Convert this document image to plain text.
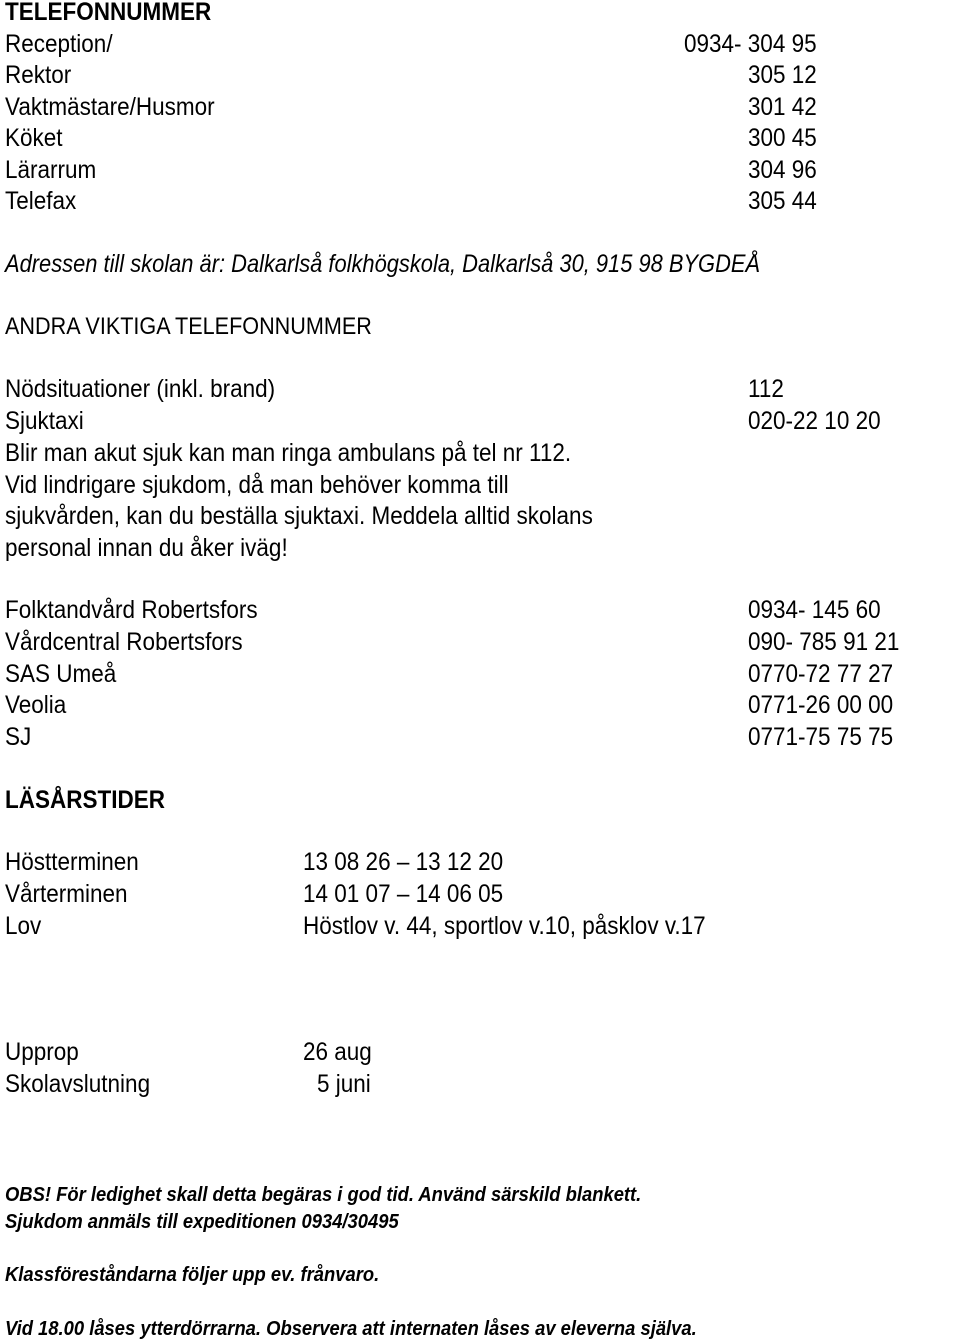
TELEFONNUMMER
Reception/	0934- 304 95
Rektor	305 12
Vaktmästare/Husmor	301 42
Köket	300 45
Lärarrum	304 96
Telefax	305 44
Adressen till skolan är: Dalkarlså folkhögskola, Dalkarlså 30, 915 98 BYGDEÅ
ANDRA VIKTIGA TELEFONNUMMER
Nödsituationer (inkl. brand)	112
Sjuktaxi	020-22 10 20
Blir man akut sjuk kan man ringa ambulans på tel nr 112.
Vid lindrigare sjukdom, då man behöver komma till
sjukvården, kan du beställa sjuktaxi. Meddela alltid skolans
personal innan du åker iväg!
Folktandvård Robertsfors	0934- 145 60
Vårdcentral Robertsfors	090- 785 91 21
SAS Umeå	0770-72 77 27
Veolia	0771-26 00 00
SJ	0771-75 75 75
LÄSÅRSTIDER
Höstterminen	13 08 26 – 13 12 20
Vårterminen	14 01 07 – 14 06 05
Lov	Höstlov v. 44, sportlov v.10, påsklov v.17
Upprop	26 aug
Skolavslutning	5 juni
OBS! För ledighet skall detta begäras i god tid. Använd särskild blankett.
Sjukdom anmäls till expeditionen 0934/30495
Klassföreståndarna följer upp ev. frånvaro.
Vid 18.00 låses ytterdörrarna. Observera att internaten låses av eleverna själva.
